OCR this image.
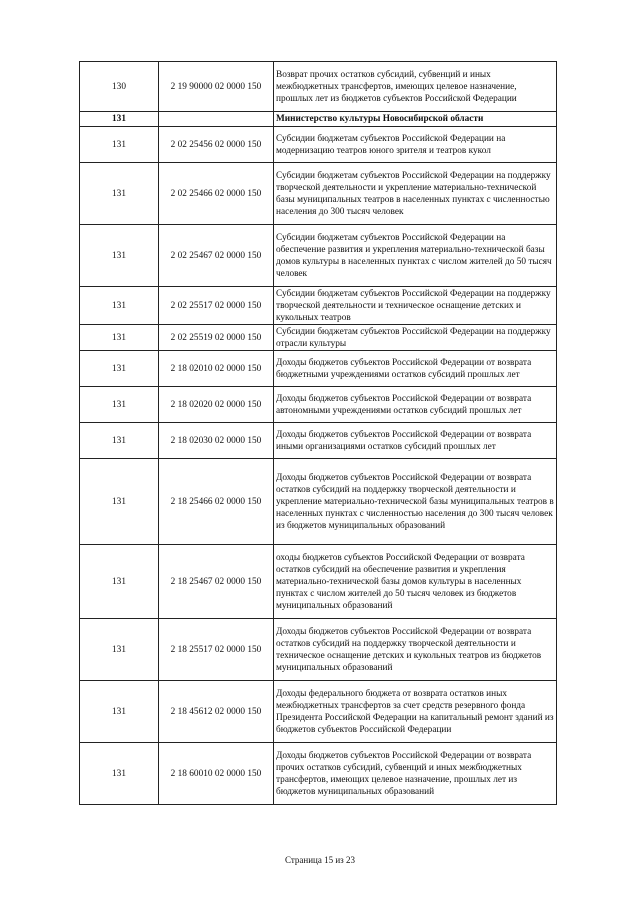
130	2 19 90000 02 0000 150	Возврат прочих остатков субсидий, субвенций и иных межбюджетных трансфертов, имеющих целевое назначение, прошлых лет из бюджетов субъектов Российской Федерации
131		Министерство культуры Новосибирской области
131	2 02 25456 02 0000 150	Субсидии бюджетам субъектов Российской Федерации на модернизацию театров юного зрителя и театров кукол
131	2 02 25466 02 0000 150	Субсидии бюджетам субъектов Российской Федерации на поддержку творческой деятельности и укрепление материально-технической базы муниципальных театров в населенных пунктах с численностью населения до 300 тысяч человек
131	2 02 25467 02 0000 150	Субсидии бюджетам субъектов Российской Федерации на обеспечение развития и укрепления материально-технической базы домов культуры в населенных пунктах с числом жителей до 50 тысяч человек
131	2 02 25517 02 0000 150	Субсидии бюджетам субъектов Российской Федерации на поддержку творческой деятельности и техническое оснащение детских и кукольных театров
131	2 02 25519 02 0000 150	Субсидии бюджетам субъектов Российской Федерации на поддержку отрасли культуры
131	2 18 02010 02 0000 150	Доходы бюджетов субъектов Российской Федерации от возврата бюджетными учреждениями остатков субсидий прошлых лет
131	2 18 02020 02 0000 150	Доходы бюджетов субъектов Российской Федерации от возврата автономными учреждениями остатков субсидий прошлых лет
131	2 18 02030 02 0000 150	Доходы бюджетов субъектов Российской Федерации от возврата иными организациями остатков субсидий прошлых лет
131	2 18 25466 02 0000 150	Доходы бюджетов субъектов Российской Федерации от возврата остатков субсидий на поддержку творческой деятельности и укрепление материально-технической базы муниципальных театров в населенных пунктах с численностью населения до 300 тысяч человек из бюджетов муниципальных образований
131	2 18 25467 02 0000 150	оходы бюджетов субъектов Российской Федерации от возврата остатков субсидий на обеспечение развития и укрепления материально-технической базы домов культуры в населенных пунктах с числом жителей до 50 тысяч человек из бюджетов муниципальных образований
131	2 18 25517 02 0000 150	Доходы бюджетов субъектов Российской Федерации от возврата остатков субсидий на поддержку творческой деятельности и техническое оснащение детских и кукольных театров из бюджетов муниципальных образований
131	2 18 45612 02 0000 150	Доходы федерального бюджета от возврата остатков иных межбюджетных трансфертов за счет средств резервного фонда Президента Российской Федерации на капитальный ремонт зданий из бюджетов субъектов Российской Федерации
131	2 18 60010 02 0000 150	Доходы бюджетов субъектов Российской Федерации от возврата прочих остатков субсидий, субвенций и иных межбюджетных трансфертов, имеющих целевое назначение, прошлых лет из бюджетов муниципальных образований
Страница 15 из 23
